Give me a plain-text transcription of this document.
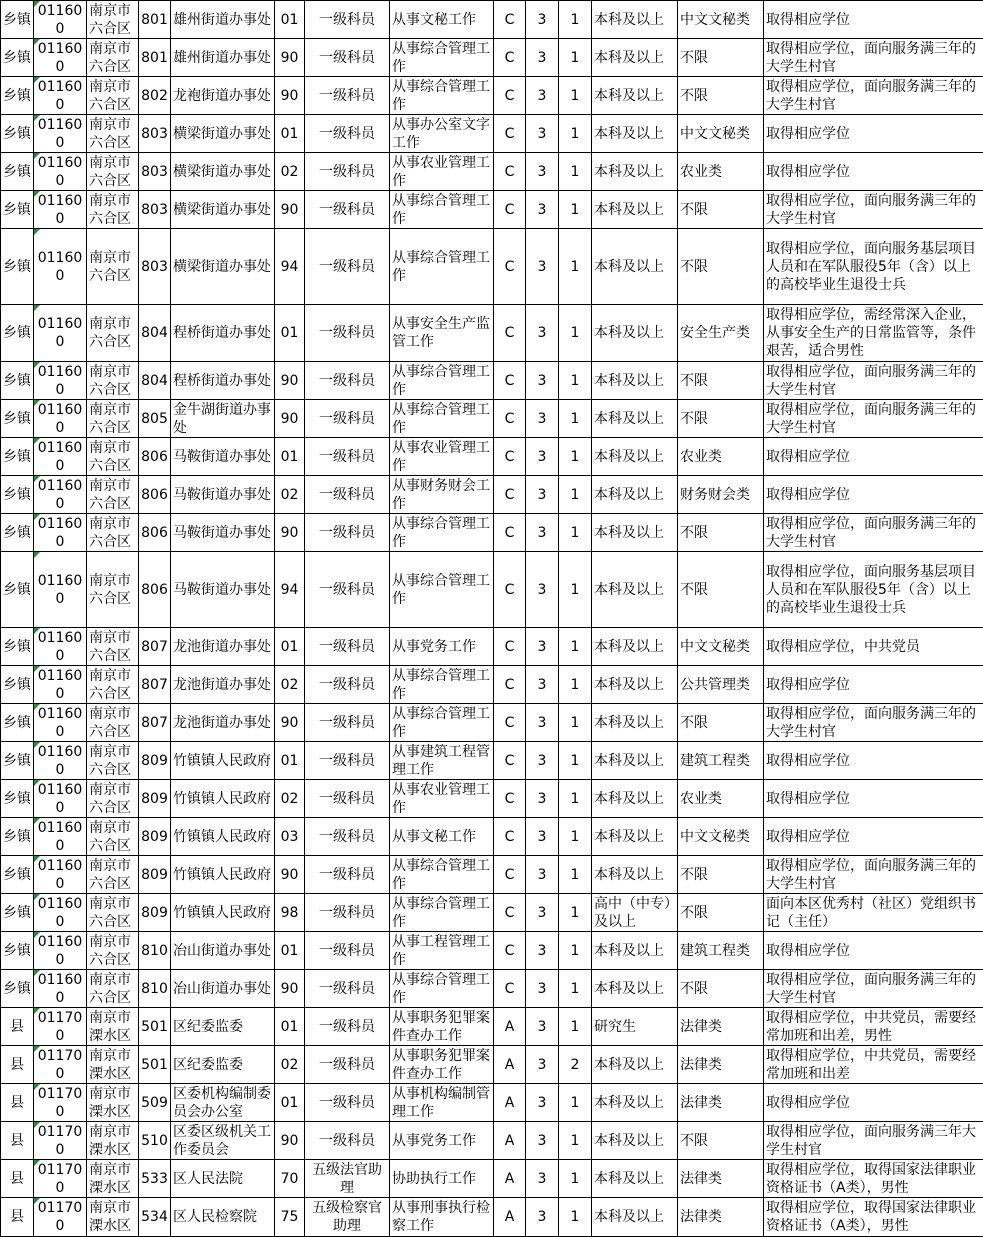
乡镇	011600	南京市六合区	801	雄州街道办事处	01	一级科员	从事文秘工作	C	3	1	本科及以上	中文文秘类	取得相应学位
乡镇	011600	南京市六合区	801	雄州街道办事处	90	一级科员	从事综合管理工作	C	3	1	本科及以上	不限	取得相应学位，面向服务满三年的大学生村官
乡镇	011600	南京市六合区	802	龙袍街道办事处	90	一级科员	从事综合管理工作	C	3	1	本科及以上	不限	取得相应学位，面向服务满三年的大学生村官
乡镇	011600	南京市六合区	803	横梁街道办事处	01	一级科员	从事办公室文字工作	C	3	1	本科及以上	中文文秘类	取得相应学位
乡镇	011600	南京市六合区	803	横梁街道办事处	02	一级科员	从事农业管理工作	C	3	1	本科及以上	农业类	取得相应学位
乡镇	011600	南京市六合区	803	横梁街道办事处	90	一级科员	从事综合管理工作	C	3	1	本科及以上	不限	取得相应学位，面向服务满三年的大学生村官
乡镇	011600	南京市六合区	803	横梁街道办事处	94	一级科员	从事综合管理工作	C	3	1	本科及以上	不限	取得相应学位，面向服务基层项目人员和在军队服役5年（含）以上的高校毕业生退役士兵
乡镇	011600	南京市六合区	804	程桥街道办事处	01	一级科员	从事安全生产监管工作	C	3	1	本科及以上	安全生产类	取得相应学位，需经常深入企业，从事安全生产的日常监管等，条件艰苦，适合男性
乡镇	011600	南京市六合区	804	程桥街道办事处	90	一级科员	从事综合管理工作	C	3	1	本科及以上	不限	取得相应学位，面向服务满三年的大学生村官
乡镇	011600	南京市六合区	805	金牛湖街道办事处	90	一级科员	从事综合管理工作	C	3	1	本科及以上	不限	取得相应学位，面向服务满三年的大学生村官
乡镇	011600	南京市六合区	806	马鞍街道办事处	01	一级科员	从事农业管理工作	C	3	1	本科及以上	农业类	取得相应学位
乡镇	011600	南京市六合区	806	马鞍街道办事处	02	一级科员	从事财务财会工作	C	3	1	本科及以上	财务财会类	取得相应学位
乡镇	011600	南京市六合区	806	马鞍街道办事处	90	一级科员	从事综合管理工作	C	3	1	本科及以上	不限	取得相应学位，面向服务满三年的大学生村官
乡镇	011600	南京市六合区	806	马鞍街道办事处	94	一级科员	从事综合管理工作	C	3	1	本科及以上	不限	取得相应学位，面向服务基层项目人员和在军队服役5年（含）以上的高校毕业生退役士兵
乡镇	011600	南京市六合区	807	龙池街道办事处	01	一级科员	从事党务工作	C	3	1	本科及以上	中文文秘类	取得相应学位，中共党员
乡镇	011600	南京市六合区	807	龙池街道办事处	02	一级科员	从事综合管理工作	C	3	1	本科及以上	公共管理类	取得相应学位
乡镇	011600	南京市六合区	807	龙池街道办事处	90	一级科员	从事综合管理工作	C	3	1	本科及以上	不限	取得相应学位，面向服务满三年的大学生村官
乡镇	011600	南京市六合区	809	竹镇镇人民政府	01	一级科员	从事建筑工程管理工作	C	3	1	本科及以上	建筑工程类	取得相应学位
乡镇	011600	南京市六合区	809	竹镇镇人民政府	02	一级科员	从事农业管理工作	C	3	1	本科及以上	农业类	取得相应学位
乡镇	011600	南京市六合区	809	竹镇镇人民政府	03	一级科员	从事文秘工作	C	3	1	本科及以上	中文文秘类	取得相应学位
乡镇	011600	南京市六合区	809	竹镇镇人民政府	90	一级科员	从事综合管理工作	C	3	1	本科及以上	不限	取得相应学位，面向服务满三年的大学生村官
乡镇	011600	南京市六合区	809	竹镇镇人民政府	98	一级科员	从事综合管理工作	C	3	1	高中（中专）及以上	不限	面向本区优秀村（社区）党组织书记（主任）
乡镇	011600	南京市六合区	810	冶山街道办事处	01	一级科员	从事工程管理工作	C	3	1	本科及以上	建筑工程类	取得相应学位
乡镇	011600	南京市六合区	810	冶山街道办事处	90	一级科员	从事综合管理工作	C	3	1	本科及以上	不限	取得相应学位，面向服务满三年的大学生村官
县	011700	南京市溧水区	501	区纪委监委	01	一级科员	从事职务犯罪案件查办工作	A	3	1	研究生	法律类	取得相应学位，中共党员，需要经常加班和出差，男性
县	011700	南京市溧水区	501	区纪委监委	02	一级科员	从事职务犯罪案件查办工作	A	3	2	本科及以上	法律类	取得相应学位，中共党员，需要经常加班和出差
县	011700	南京市溧水区	509	区委机构编制委员会办公室	01	一级科员	从事机构编制管理工作	A	3	1	本科及以上	法律类	取得相应学位
县	011700	南京市溧水区	510	区委区级机关工作委员会	90	一级科员	从事党务工作	A	3	1	本科及以上	不限	取得相应学位，面向服务满三年大学生村官
县	011700	南京市溧水区	533	区人民法院	70	五级法官助理	协助执行工作	A	3	1	本科及以上	法律类	取得相应学位，取得国家法律职业资格证书（A类），男性
县	011700	南京市溧水区	534	区人民检察院	75	五级检察官助理	从事刑事执行检察工作	A	3	1	本科及以上	法律类	取得相应学位，取得国家法律职业资格证书（A类），男性
